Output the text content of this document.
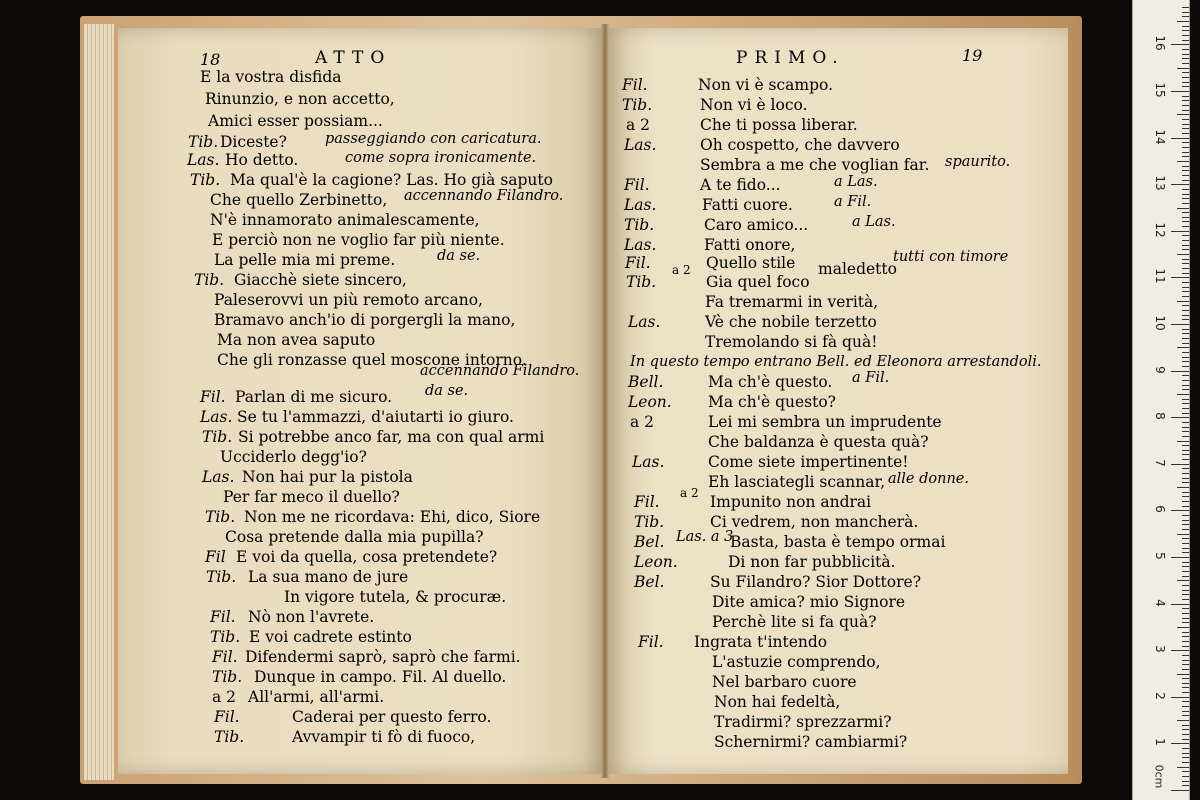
18	ATTO	PRIMO.	19
E la vostra disfida
Rinunzio, e non accetto,
Amici esser possiam...
Tib. Diceste?	passeggiando con caricatura.
Las. Ho detto.	come sopra ironicamente.
Tib. Ma qual'è la cagione? Las. Ho già saputo
Che quello Zerbinetto, accennando Filandro.
N'è innamorato animalescamente,
E perciò non ne voglio far più niente.
La pelle mia mi preme.	da se.
Tib. Giacchè siete sincero,
Paleserovvi un più remoto arcano,
Bramavo anch'io di porgergli la mano,
Ma non avea saputo
Che gli ronzasse quel moscone intorno.
accennando Filandro.
Fil. Parlan di me sicuro. da se.
Las. Se tu l'ammazzi, d'aiutarti io giuro.
Tib. Si potrebbe anco far, ma con qual armi
Ucciderlo degg'io?
Las. Non hai pur la pistola
Per far meco il duello?
Tib. Non me ne ricordava: Ehi, dico, Siore
Cosa pretende dalla mia pupilla?
Fil E voi da quella, cosa pretendete?
Tib. La sua mano de jure
In vigore tutela, & procuræ.
Fil. Nò non l'avrete.
Tib. E voi cadrete estinto
Fil. Difendermi saprò, saprò che farmi.
Tib. Dunque in campo. Fil. Al duello.
a 2 All'armi, all'armi.
Fil.	Caderai per questo ferro.
Tib.	Avvampir ti fò di fuoco,
Fil.	Non vi è scampo.
Tib.	Non vi è loco.
a 2	Che ti possa liberar.
Las.	Oh cospetto, che davvero
Sembra a me che voglian far. spaurito.
Fil.	A te fido...	a Las.
Las.	Fatti cuore.	a Fil.
Tib.	Caro amico...	a Las.
Las.	Fatti onore,
Fil.	Quello stile maledetto
tutti con timore
Tib.	Gia quel foco
a 2
Fa tremarmi in verità,
Las.	Vè che nobile terzetto
Tremolando si fà quà!
In questo tempo entrano Bell. ed Eleonora arrestandoli.
Bell.	Ma ch'è questo. a Fil.
Leon. Ma ch'è questo?
a 2	Lei mi sembra un imprudente
Che baldanza è questa quà?
Las.	Come siete impertinente!
Eh lasciategli scannar, alle donne.
Fil.	Impunito non andrai
a 2
Tib.	Ci vedrem, non mancherà.
Bel.	Basta, basta è tempo ormai
Las. a 3
Leon.	Di non far pubblicità.
Bel.	Su Filandro? Sior Dottore?
Dite amica? mio Signore
Perchè lite si fa quà?
Fil. Ingrata t'intendo
L'astuzie comprendo,
Nel barbaro cuore
Non hai fedeltà,
Tradirmi? sprezzarmi?
Schernirmi? cambiarmi?
16
15
14
13
12
11
10
9
8
7
6
5
4
3
2
1
0cm
